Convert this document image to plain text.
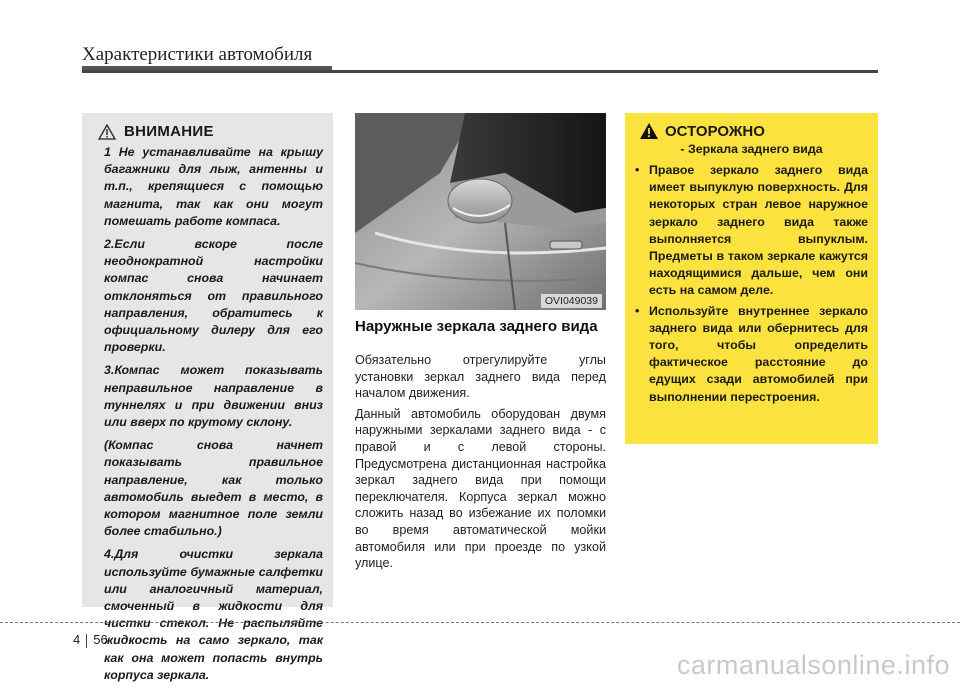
Характеристики автомобиля
ВНИМАНИЕ

1 Не устанавливайте на крышу багажники для лыж, антенны и т.п., крепящиеся с помощью магнита, так как они могут помешать работе компаса.

2.Если вскоре после неоднократной настройки компас снова начинает отклоняться от правильного направления, обратитесь к официальному дилеру для его проверки.

3.Компас может показывать неправильное направление в туннелях и при движении вниз или вверх по крутому склону.

(Компас снова начнет показывать правильное направление, как только автомобиль выедет в место, в котором магнитное поле земли более стабильно.)

4.Для очистки зеркала используйте бумажные салфетки или аналогичный материал, смоченный в жидкости для чистки стекол. Не распыляйте жидкость на само зеркало, так как она может попасть внутрь корпуса зеркала.

OVI049039
Наружные зеркала заднего вида

Обязательно отрегулируйте углы установки зеркал заднего вида перед началом движения.

Данный автомобиль оборудован двумя наружными зеркалами заднего вида - с правой и с левой стороны. Предусмотрена дистанционная настройка зеркал заднего вида при помощи переключателя. Корпуса зеркал можно сложить назад во избежание их поломки во время автоматической мойки автомобиля или при проезде по узкой улице.

ОСТОРОЖНО
- Зеркала заднего вида
• Правое зеркало заднего вида имеет выпуклую поверхность. Для некоторых стран левое наружное зеркало заднего вида также выполняется выпуклым. Предметы в таком зеркале кажутся находящимися дальше, чем они есть на самом деле.
• Используйте внутреннее зеркало заднего вида или обернитесь для того, чтобы определить фактическое расстояние до едущих сзади автомобилей при выполнении перестроения.
4 56
carmanualsonline.info
